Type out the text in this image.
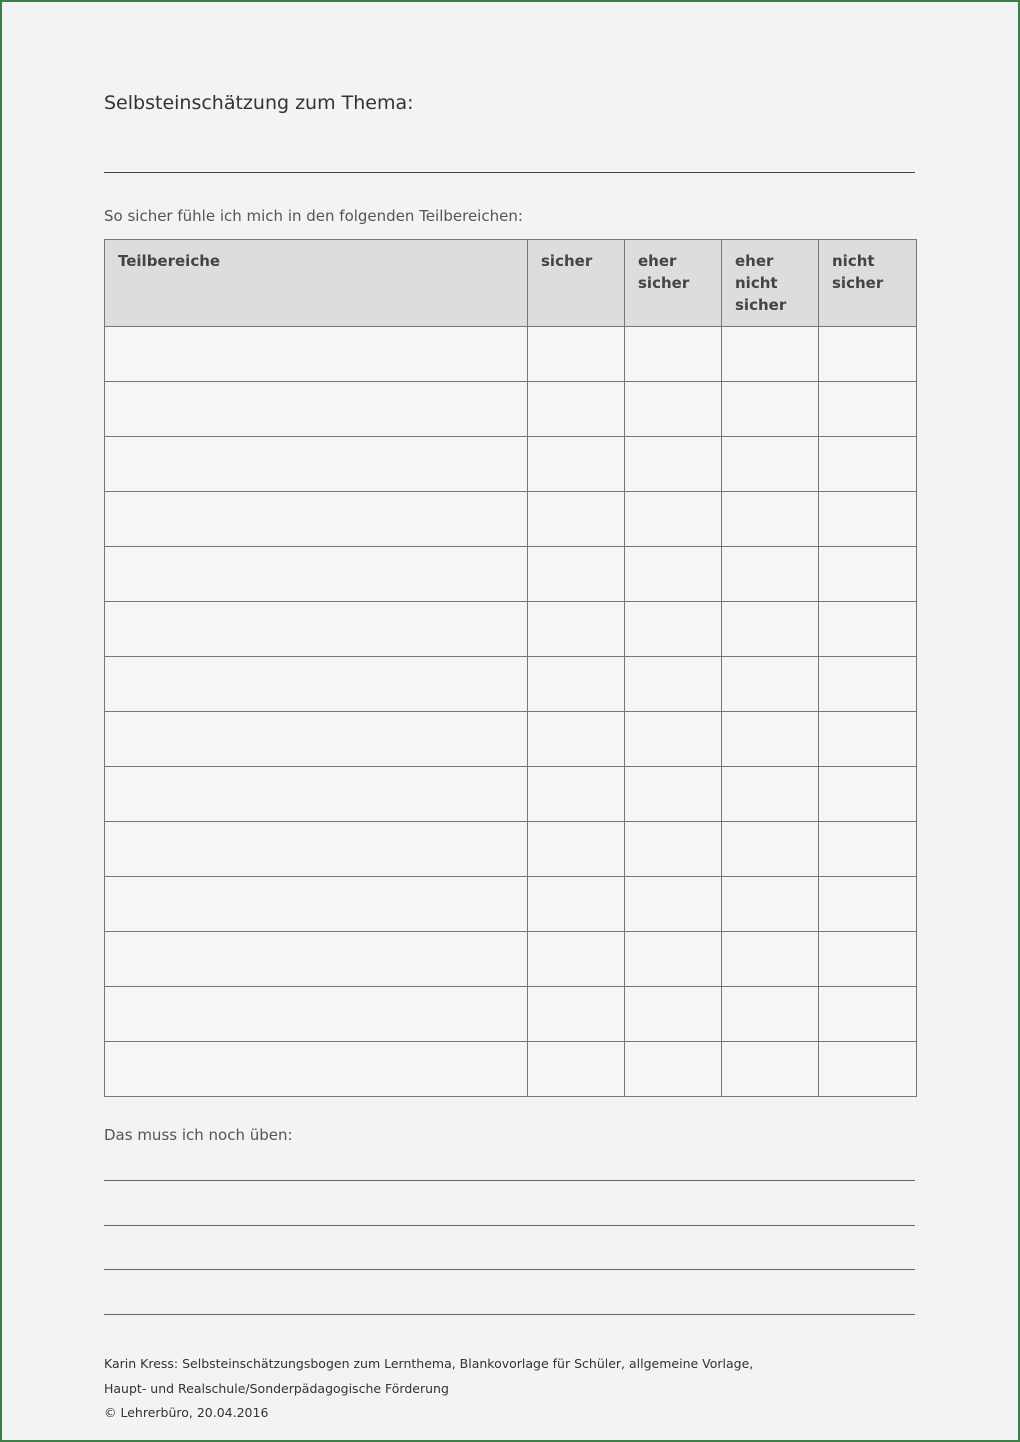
Selbsteinschätzung zum Thema:
So sicher fühle ich mich in den folgenden Teilbereichen:
Teilbereiche	sicher	eher sicher	eher nicht sicher	nicht sicher

Das muss ich noch üben:
Karin Kress: Selbsteinschätzungsbogen zum Lernthema, Blankovorlage für Schüler, allgemeine Vorlage,
Haupt- und Realschule/Sonderpädagogische Förderung
© Lehrerbüro, 20.04.2016
